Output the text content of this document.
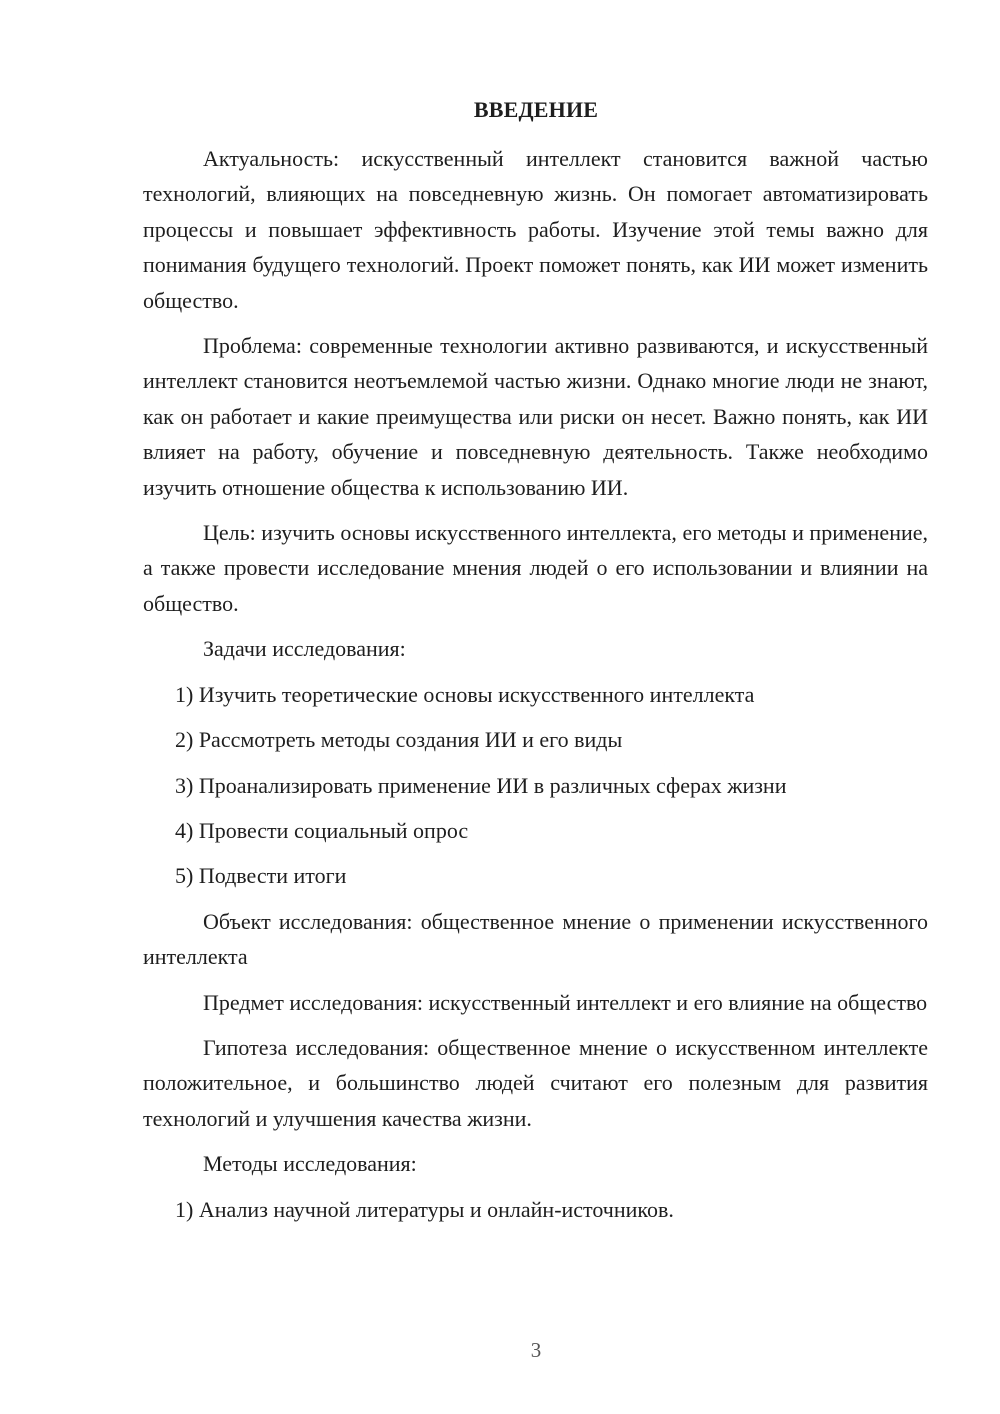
ВВЕДЕНИЕ

Актуальность: искусственный интеллект становится важной частью технологий, влияющих на повседневную жизнь. Он помогает автоматизировать процессы и повышает эффективность работы. Изучение этой темы важно для понимания будущего технологий. Проект поможет понять, как ИИ может изменить общество.

Проблема: современные технологии активно развиваются, и искусственный интеллект становится неотъемлемой частью жизни. Однако многие люди не знают, как он работает и какие преимущества или риски он несет. Важно понять, как ИИ влияет на работу, обучение и повседневную деятельность. Также необходимо изучить отношение общества к использованию ИИ.

Цель: изучить основы искусственного интеллекта, его методы и применение, а также провести исследование мнения людей о его использовании и влиянии на общество.

Задачи исследования:

1) Изучить теоретические основы искусственного интеллекта

2) Рассмотреть методы создания ИИ и его виды

3) Проанализировать применение ИИ в различных сферах жизни

4) Провести социальный опрос

5) Подвести итоги

Объект исследования: общественное мнение о применении искусственного интеллекта

Предмет исследования: искусственный интеллект и его влияние на общество

Гипотеза исследования: общественное мнение о искусственном интеллекте положительное, и большинство людей считают его полезным для развития технологий и улучшения качества жизни.

Методы исследования:

1) Анализ научной литературы и онлайн-источников.

3
